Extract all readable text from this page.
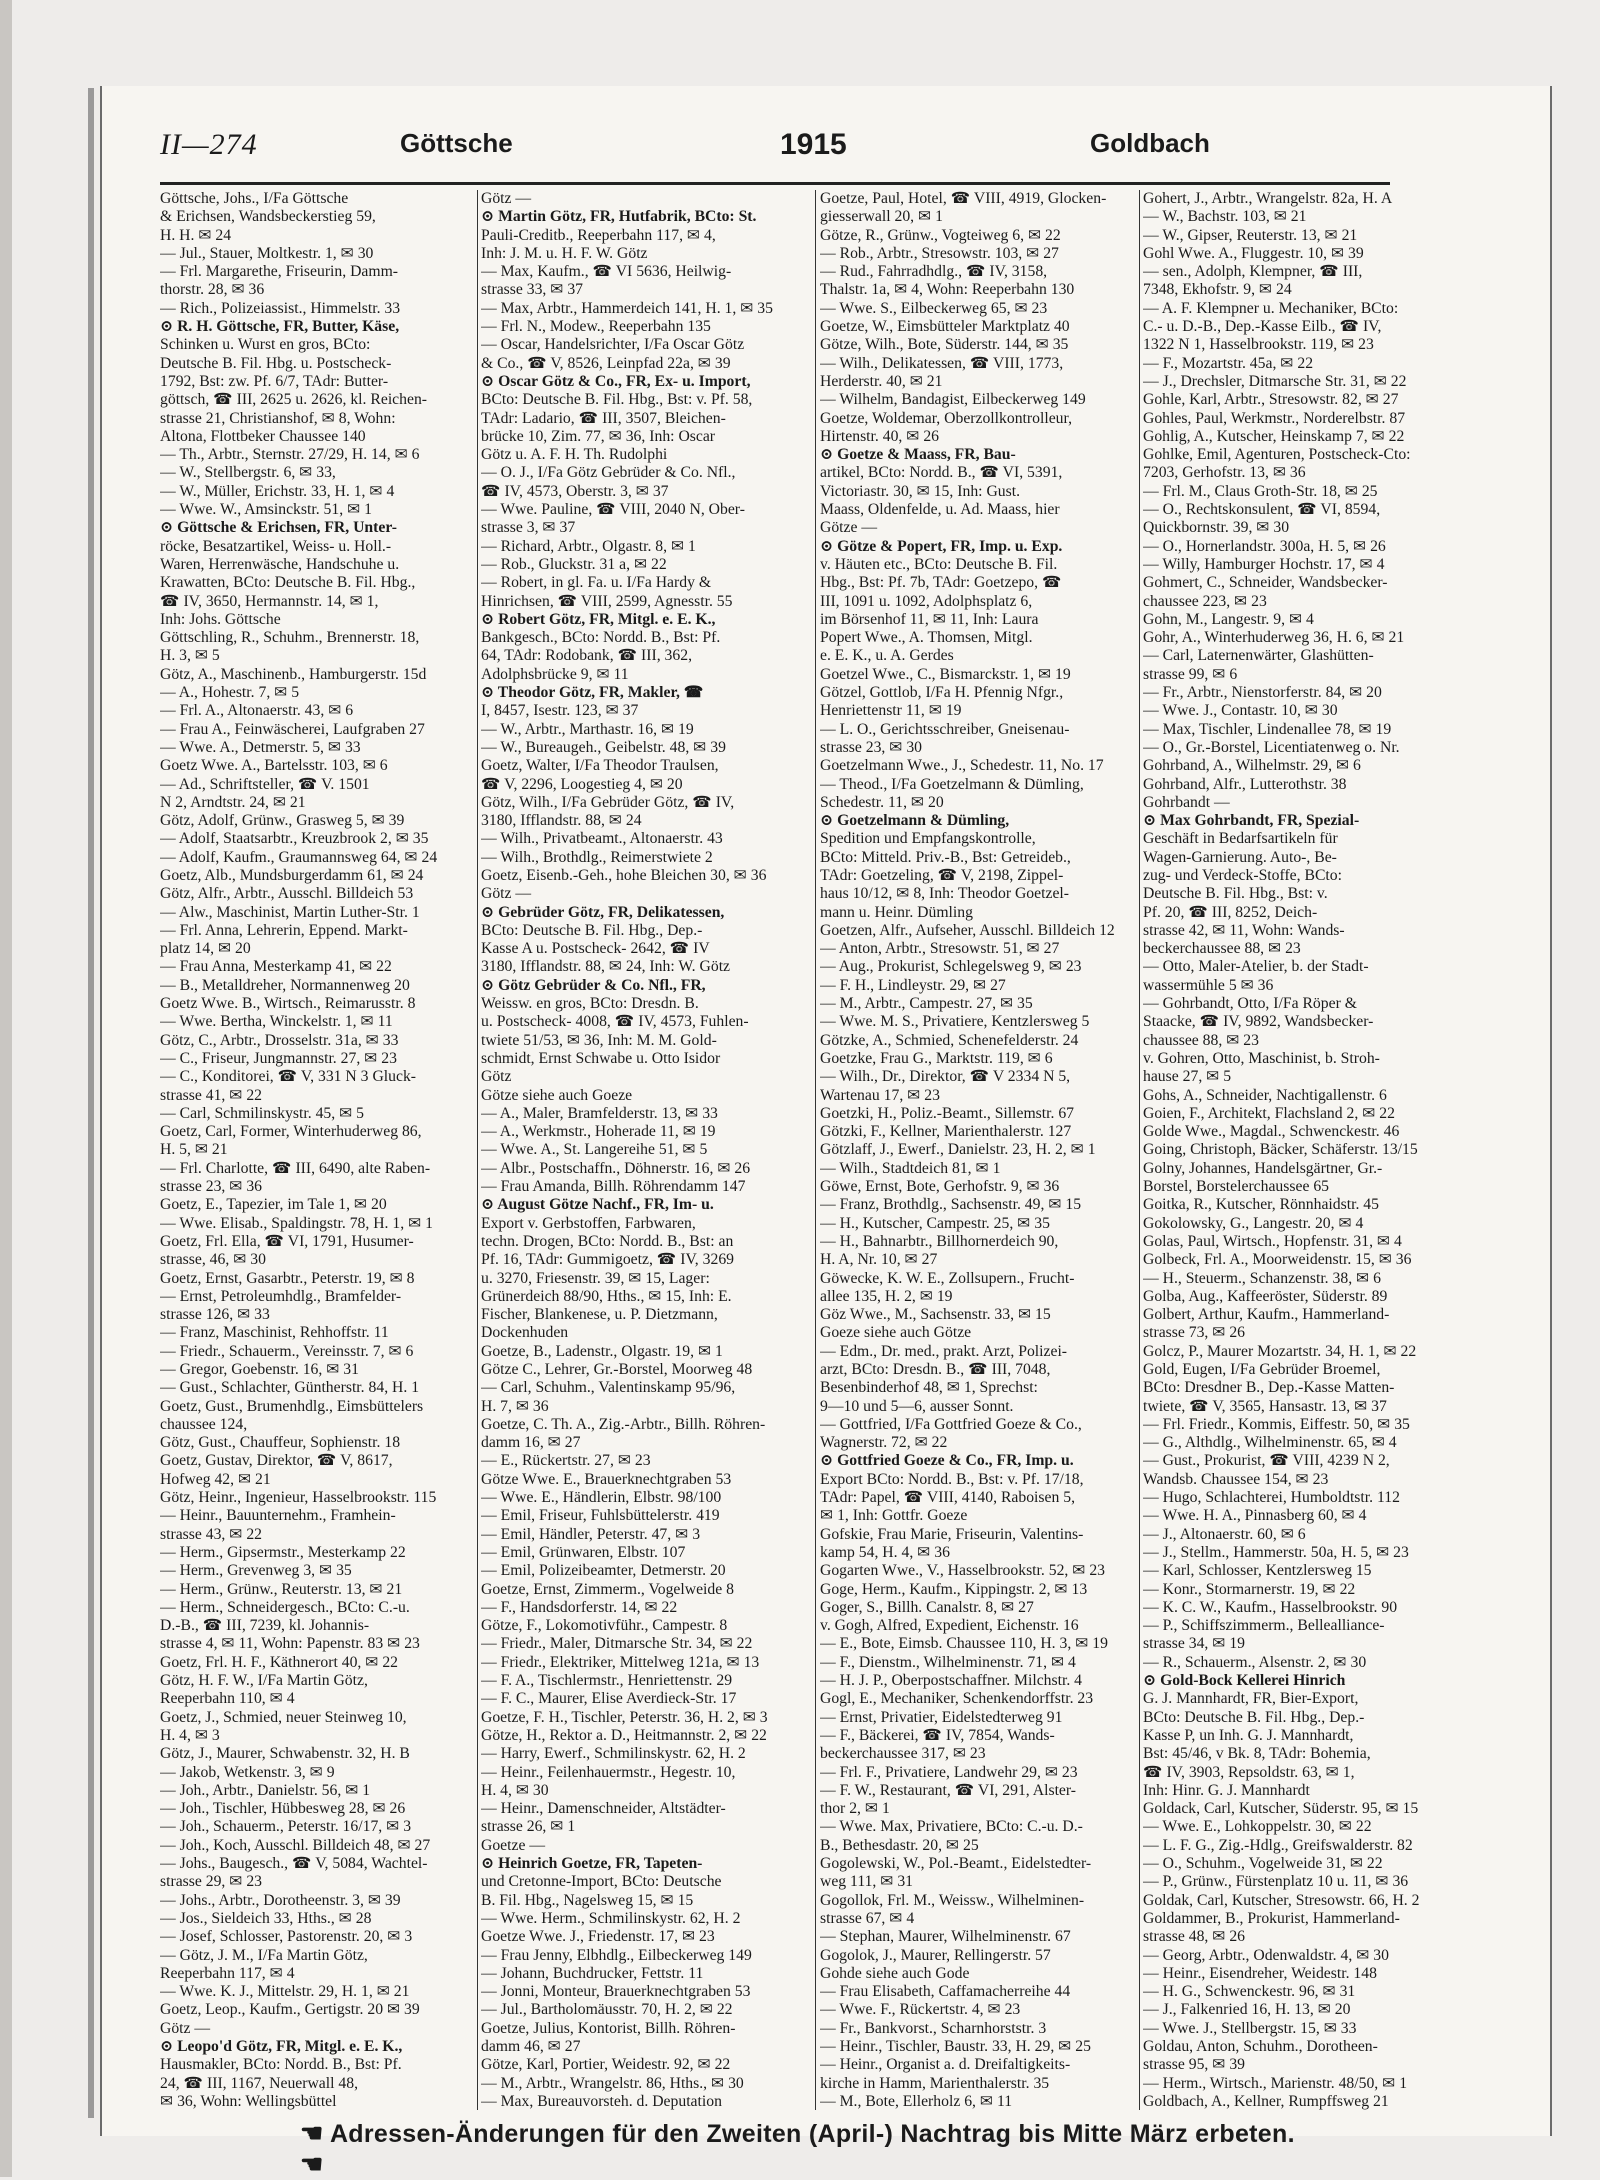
II—274	Göttsche	1915	Goldbach
Göttsche, Johs., I/Fa Göttsche
& Erichsen, Wandsbeckerstieg 59,
H. H. ✉ 24
— Jul., Stauer, Moltkestr. 1, ✉ 30
— Frl. Margarethe, Friseurin, Damm-
thorstr. 28, ✉ 36
— Rich., Polizeiassist., Himmelstr. 33
⊙ R. H. Göttsche, FR, Butter, Käse,
Schinken u. Wurst en gros, BCto:
Deutsche B. Fil. Hbg. u. Postscheck-
1792, Bst: zw. Pf. 6/7, TAdr: Butter-
göttsch, ☎ III, 2625 u. 2626, kl. Reichen-
strasse 21, Christianshof, ✉ 8, Wohn:
Altona, Flottbeker Chaussee 140
— Th., Arbtr., Sternstr. 27/29, H. 14, ✉ 6
— W., Stellbergstr. 6, ✉ 33,
— W., Müller, Erichstr. 33, H. 1, ✉ 4
— Wwe. W., Amsinckstr. 51, ✉ 1
⊙ Göttsche & Erichsen, FR, Unter-
röcke, Besatzartikel, Weiss- u. Holl.-
Waren, Herrenwäsche, Handschuhe u.
Krawatten, BCto: Deutsche B. Fil. Hbg.,
☎ IV, 3650, Hermannstr. 14, ✉ 1,
Inh: Johs. Göttsche
Göttschling, R., Schuhm., Brennerstr. 18,
H. 3, ✉ 5
Götz, A., Maschinenb., Hamburgerstr. 15d
— A., Hohestr. 7, ✉ 5
— Frl. A., Altonaerstr. 43, ✉ 6
— Frau A., Feinwäscherei, Laufgraben 27
— Wwe. A., Detmerstr. 5, ✉ 33
Goetz Wwe. A., Bartelsstr. 103, ✉ 6
— Ad., Schriftsteller, ☎ V. 1501
N 2, Arndtstr. 24, ✉ 21
Götz, Adolf, Grünw., Grasweg 5, ✉ 39
— Adolf, Staatsarbtr., Kreuzbrook 2, ✉ 35
— Adolf, Kaufm., Graumannsweg 64, ✉ 24
Goetz, Alb., Mundsburgerdamm 61, ✉ 24
Götz, Alfr., Arbtr., Ausschl. Billdeich 53
— Alw., Maschinist, Martin Luther-Str. 1
— Frl. Anna, Lehrerin, Eppend. Markt-
platz 14, ✉ 20
— Frau Anna, Mesterkamp 41, ✉ 22
— B., Metalldreher, Normannenweg 20
Goetz Wwe. B., Wirtsch., Reimarusstr. 8
— Wwe. Bertha, Winckelstr. 1, ✉ 11
Götz, C., Arbtr., Drosselstr. 31a, ✉ 33
— C., Friseur, Jungmannstr. 27, ✉ 23
— C., Konditorei, ☎ V, 331 N 3 Gluck-
strasse 41, ✉ 22
— Carl, Schmilinskystr. 45, ✉ 5
Goetz, Carl, Former, Winterhuderweg 86,
H. 5, ✉ 21
— Frl. Charlotte, ☎ III, 6490, alte Raben-
strasse 23, ✉ 36
Goetz, E., Tapezier, im Tale 1, ✉ 20
— Wwe. Elisab., Spaldingstr. 78, H. 1, ✉ 1
Goetz, Frl. Ella, ☎ VI, 1791, Husumer-
strasse, 46, ✉ 30
Goetz, Ernst, Gasarbtr., Peterstr. 19, ✉ 8
— Ernst, Petroleumhdlg., Bramfelder-
strasse 126, ✉ 33
— Franz, Maschinist, Rehhoffstr. 11
— Friedr., Schauerm., Vereinsstr. 7, ✉ 6
— Gregor, Goebenstr. 16, ✉ 31
— Gust., Schlachter, Güntherstr. 84, H. 1
Goetz, Gust., Brumenhdlg., Eimsbüttelers
chaussee 124,
Götz, Gust., Chauffeur, Sophienstr. 18
Goetz, Gustav, Direktor, ☎ V, 8617,
Hofweg 42, ✉ 21
Götz, Heinr., Ingenieur, Hasselbrookstr. 115
— Heinr., Bauunternehm., Framhein-
strasse 43, ✉ 22
— Herm., Gipsermstr., Mesterkamp 22
— Herm., Grevenweg 3, ✉ 35
— Herm., Grünw., Reuterstr. 13, ✉ 21
— Herm., Schneidergesch., BCto: C.-u.
D.-B., ☎ III, 7239, kl. Johannis-
strasse 4, ✉ 11, Wohn: Papenstr. 83 ✉ 23
Goetz, Frl. H. F., Käthnerort 40, ✉ 22
Götz, H. F. W., I/Fa Martin Götz,
Reeperbahn 110, ✉ 4
Goetz, J., Schmied, neuer Steinweg 10,
H. 4, ✉ 3
Götz, J., Maurer, Schwabenstr. 32, H. B
— Jakob, Wetkenstr. 3, ✉ 9
— Joh., Arbtr., Danielstr. 56, ✉ 1
— Joh., Tischler, Hübbesweg 28, ✉ 26
— Joh., Schauerm., Peterstr. 16/17, ✉ 3
— Joh., Koch, Ausschl. Billdeich 48, ✉ 27
— Johs., Baugesch., ☎ V, 5084, Wachtel-
strasse 29, ✉ 23
— Johs., Arbtr., Dorotheenstr. 3, ✉ 39
— Jos., Sieldeich 33, Hths., ✉ 28
— Josef, Schlosser, Pastorenstr. 20, ✉ 3
— Götz, J. M., I/Fa Martin Götz,
Reeperbahn 117, ✉ 4
— Wwe. K. J., Mittelstr. 29, H. 1, ✉ 21
Goetz, Leop., Kaufm., Gertigstr. 20 ✉ 39
Götz —
⊙ Leopo'd Götz, FR, Mitgl. e. E. K.,
Hausmakler, BCto: Nordd. B., Bst: Pf.
24, ☎ III, 1167, Neuerwall 48,
✉ 36, Wohn: Wellingsbüttel
Götz —
⊙ Martin Götz, FR, Hutfabrik, BCto: St.
Pauli-Creditb., Reeperbahn 117, ✉ 4,
Inh: J. M. u. H. F. W. Götz
— Max, Kaufm., ☎ VI 5636, Heilwig-
strasse 33, ✉ 37
— Max, Arbtr., Hammerdeich 141, H. 1, ✉ 35
— Frl. N., Modew., Reeperbahn 135
— Oscar, Handelsrichter, I/Fa Oscar Götz
& Co., ☎ V, 8526, Leinpfad 22a, ✉ 39
⊙ Oscar Götz & Co., FR, Ex- u. Import,
BCto: Deutsche B. Fil. Hbg., Bst: v. Pf. 58,
TAdr: Ladario, ☎ III, 3507, Bleichen-
brücke 10, Zim. 77, ✉ 36, Inh: Oscar
Götz u. A. F. H. Th. Rudolphi
— O. J., I/Fa Götz Gebrüder & Co. Nfl.,
☎ IV, 4573, Oberstr. 3, ✉ 37
— Wwe. Pauline, ☎ VIII, 2040 N, Ober-
strasse 3, ✉ 37
— Richard, Arbtr., Olgastr. 8, ✉ 1
— Rob., Gluckstr. 31 a, ✉ 22
— Robert, in gl. Fa. u. I/Fa Hardy &
Hinrichsen, ☎ VIII, 2599, Agnesstr. 55
⊙ Robert Götz, FR, Mitgl. e. E. K.,
Bankgesch., BCto: Nordd. B., Bst: Pf.
64, TAdr: Rodobank, ☎ III, 362,
Adolphsbrücke 9, ✉ 11
⊙ Theodor Götz, FR, Makler, ☎
I, 8457, Isestr. 123, ✉ 37
— W., Arbtr., Marthastr. 16, ✉ 19
— W., Bureaugeh., Geibelstr. 48, ✉ 39
Goetz, Walter, I/Fa Theodor Traulsen,
☎ V, 2296, Loogestieg 4, ✉ 20
Götz, Wilh., I/Fa Gebrüder Götz, ☎ IV,
3180, Ifflandstr. 88, ✉ 24
— Wilh., Privatbeamt., Altonaerstr. 43
— Wilh., Brothdlg., Reimerstwiete 2
Goetz, Eisenb.-Geh., hohe Bleichen 30, ✉ 36
Götz —
⊙ Gebrüder Götz, FR, Delikatessen,
BCto: Deutsche B. Fil. Hbg., Dep.-
Kasse A u. Postscheck- 2642, ☎ IV
3180, Ifflandstr. 88, ✉ 24, Inh: W. Götz
⊙ Götz Gebrüder & Co. Nfl., FR,
Weissw. en gros, BCto: Dresdn. B.
u. Postscheck- 4008, ☎ IV, 4573, Fuhlen-
twiete 51/53, ✉ 36, Inh: M. M. Gold-
schmidt, Ernst Schwabe u. Otto Isidor
Götz
Götze siehe auch Goeze
— A., Maler, Bramfelderstr. 13, ✉ 33
— A., Werkmstr., Hoherade 11, ✉ 19
— Wwe. A., St. Langereihe 51, ✉ 5
— Albr., Postschaffn., Döhnerstr. 16, ✉ 26
— Frau Amanda, Billh. Röhrendamm 147
⊙ August Götze Nachf., FR, Im- u.
Export v. Gerbstoffen, Farbwaren,
techn. Drogen, BCto: Nordd. B., Bst: an
Pf. 16, TAdr: Gummigoetz, ☎ IV, 3269
u. 3270, Friesenstr. 39, ✉ 15, Lager:
Grünerdeich 88/90, Hths., ✉ 15, Inh: E.
Fischer, Blankenese, u. P. Dietzmann,
Dockenhuden
Goetze, B., Ladenstr., Olgastr. 19, ✉ 1
Götze C., Lehrer, Gr.-Borstel, Moorweg 48
— Carl, Schuhm., Valentinskamp 95/96,
H. 7, ✉ 36
Goetze, C. Th. A., Zig.-Arbtr., Billh. Röhren-
damm 16, ✉ 27
— E., Rückertstr. 27, ✉ 23
Götze Wwe. E., Brauerknechtgraben 53
— Wwe. E., Händlerin, Elbstr. 98/100
— Emil, Friseur, Fuhlsbüttelerstr. 419
— Emil, Händler, Peterstr. 47, ✉ 3
— Emil, Grünwaren, Elbstr. 107
— Emil, Polizeibeamter, Detmerstr. 20
Goetze, Ernst, Zimmerm., Vogelweide 8
— F., Handsdorferstr. 14, ✉ 22
Götze, F., Lokomotivführ., Campestr. 8
— Friedr., Maler, Ditmarsche Str. 34, ✉ 22
— Friedr., Elektriker, Mittelweg 121a, ✉ 13
— F. A., Tischlermstr., Henriettenstr. 29
— F. C., Maurer, Elise Averdieck-Str. 17
Goetze, F. H., Tischler, Peterstr. 36, H. 2, ✉ 3
Götze, H., Rektor a. D., Heitmannstr. 2, ✉ 22
— Harry, Ewerf., Schmilinskystr. 62, H. 2
— Heinr., Feilenhauermstr., Hegestr. 10,
H. 4, ✉ 30
— Heinr., Damenschneider, Altstädter-
strasse 26, ✉ 1
Goetze —
⊙ Heinrich Goetze, FR, Tapeten-
und Cretonne-Import, BCto: Deutsche
B. Fil. Hbg., Nagelsweg 15, ✉ 15
— Wwe. Herm., Schmilinskystr. 62, H. 2
Goetze Wwe. J., Friedenstr. 17, ✉ 23
— Frau Jenny, Elbhdlg., Eilbeckerweg 149
— Johann, Buchdrucker, Fettstr. 11
— Jonni, Monteur, Brauerknechtgraben 53
— Jul., Bartholomäusstr. 70, H. 2, ✉ 22
Goetze, Julius, Kontorist, Billh. Röhren-
damm 46, ✉ 27
Götze, Karl, Portier, Weidestr. 92, ✉ 22
— M., Arbtr., Wrangelstr. 86, Hths., ✉ 30
— Max, Bureauvorsteh. d. Deputation
Goetze, Paul, Hotel, ☎ VIII, 4919, Glocken-
giesserwall 20, ✉ 1
Götze, R., Grünw., Vogteiweg 6, ✉ 22
— Rob., Arbtr., Stresowstr. 103, ✉ 27
— Rud., Fahrradhdlg., ☎ IV, 3158,
Thalstr. 1a, ✉ 4, Wohn: Reeperbahn 130
— Wwe. S., Eilbeckerweg 65, ✉ 23
Goetze, W., Eimsbütteler Marktplatz 40
Götze, Wilh., Bote, Süderstr. 144, ✉ 35
— Wilh., Delikatessen, ☎ VIII, 1773,
Herderstr. 40, ✉ 21
— Wilhelm, Bandagist, Eilbeckerweg 149
Goetze, Woldemar, Oberzollkontrolleur,
Hirtenstr. 40, ✉ 26
⊙ Goetze & Maass, FR, Bau-
artikel, BCto: Nordd. B., ☎ VI, 5391,
Victoriastr. 30, ✉ 15, Inh: Gust.
Maass, Oldenfelde, u. Ad. Maass, hier
Götze —
⊙ Götze & Popert, FR, Imp. u. Exp.
v. Häuten etc., BCto: Deutsche B. Fil.
Hbg., Bst: Pf. 7b, TAdr: Goetzepo, ☎
III, 1091 u. 1092, Adolphsplatz 6,
im Börsenhof 11, ✉ 11, Inh: Laura
Popert Wwe., A. Thomsen, Mitgl.
e. E. K., u. A. Gerdes
Goetzel Wwe., C., Bismarckstr. 1, ✉ 19
Götzel, Gottlob, I/Fa H. Pfennig Nfgr.,
Henriettenstr 11, ✉ 19
— L. O., Gerichtsschreiber, Gneisenau-
strasse 23, ✉ 30
Goetzelmann Wwe., J., Schedestr. 11, No. 17
— Theod., I/Fa Goetzelmann & Dümling,
Schedestr. 11, ✉ 20
⊙ Goetzelmann & Dümling,
Spedition und Empfangskontrolle,
BCto: Mitteld. Priv.-B., Bst: Getreideb.,
TAdr: Goetzeling, ☎ V, 2198, Zippel-
haus 10/12, ✉ 8, Inh: Theodor Goetzel-
mann u. Heinr. Dümling
Goetzen, Alfr., Aufseher, Ausschl. Billdeich 12
— Anton, Arbtr., Stresowstr. 51, ✉ 27
— Aug., Prokurist, Schlegelsweg 9, ✉ 23
— F. H., Lindleystr. 29, ✉ 27
— M., Arbtr., Campestr. 27, ✉ 35
— Wwe. M. S., Privatiere, Kentzlersweg 5
Götzke, A., Schmied, Schenefelderstr. 24
Goetzke, Frau G., Marktstr. 119, ✉ 6
— Wilh., Dr., Direktor, ☎ V 2334 N 5,
Wartenau 17, ✉ 23
Goetzki, H., Poliz.-Beamt., Sillemstr. 67
Götzki, F., Kellner, Marienthalerstr. 127
Götzlaff, J., Ewerf., Danielstr. 23, H. 2, ✉ 1
— Wilh., Stadtdeich 81, ✉ 1
Göwe, Ernst, Bote, Gerhofstr. 9, ✉ 36
— Franz, Brothdlg., Sachsenstr. 49, ✉ 15
— H., Kutscher, Campestr. 25, ✉ 35
— H., Bahnarbtr., Billhornerdeich 90,
H. A, Nr. 10, ✉ 27
Göwecke, K. W. E., Zollsupern., Frucht-
allee 135, H. 2, ✉ 19
Göz Wwe., M., Sachsenstr. 33, ✉ 15
Goeze siehe auch Götze
— Edm., Dr. med., prakt. Arzt, Polizei-
arzt, BCto: Dresdn. B., ☎ III, 7048,
Besenbinderhof 48, ✉ 1, Sprechst:
9—10 und 5—6, ausser Sonnt.
— Gottfried, I/Fa Gottfried Goeze & Co.,
Wagnerstr. 72, ✉ 22
⊙ Gottfried Goeze & Co., FR, Imp. u.
Export BCto: Nordd. B., Bst: v. Pf. 17/18,
TAdr: Papel, ☎ VIII, 4140, Raboisen 5,
✉ 1, Inh: Gottfr. Goeze
Gofskie, Frau Marie, Friseurin, Valentins-
kamp 54, H. 4, ✉ 36
Gogarten Wwe., V., Hasselbrookstr. 52, ✉ 23
Goge, Herm., Kaufm., Kippingstr. 2, ✉ 13
Goger, S., Billh. Canalstr. 8, ✉ 27
v. Gogh, Alfred, Expedient, Eichenstr. 16
— E., Bote, Eimsb. Chaussee 110, H. 3, ✉ 19
— F., Dienstm., Wilhelminenstr. 71, ✉ 4
— H. J. P., Oberpostschaffner. Milchstr. 4
Gogl, E., Mechaniker, Schenkendorffstr. 23
— Ernst, Privatier, Eidelstedterweg 91
— F., Bäckerei, ☎ IV, 7854, Wands-
beckerchaussee 317, ✉ 23
— Frl. F., Privatiere, Landwehr 29, ✉ 23
— F. W., Restaurant, ☎ VI, 291, Alster-
thor 2, ✉ 1
— Wwe. Max, Privatiere, BCto: C.-u. D.-
B., Bethesdastr. 20, ✉ 25
Gogolewski, W., Pol.-Beamt., Eidelstedter-
weg 111, ✉ 31
Gogollok, Frl. M., Weissw., Wilhelminen-
strasse 67, ✉ 4
— Stephan, Maurer, Wilhelminenstr. 67
Gogolok, J., Maurer, Rellingerstr. 57
Gohde siehe auch Gode
— Frau Elisabeth, Caffamacherreihe 44
— Wwe. F., Rückertstr. 4, ✉ 23
— Fr., Bankvorst., Scharnhorststr. 3
— Heinr., Tischler, Baustr. 33, H. 29, ✉ 25
— Heinr., Organist a. d. Dreifaltigkeits-
kirche in Hamm, Marienthalerstr. 35
— M., Bote, Ellerholz 6, ✉ 11
Gohert, J., Arbtr., Wrangelstr. 82a, H. A
— W., Bachstr. 103, ✉ 21
— W., Gipser, Reuterstr. 13, ✉ 21
Gohl Wwe. A., Fluggestr. 10, ✉ 39
— sen., Adolph, Klempner, ☎ III,
7348, Ekhofstr. 9, ✉ 24
— A. F. Klempner u. Mechaniker, BCto:
C.- u. D.-B., Dep.-Kasse Eilb., ☎ IV,
1322 N 1, Hasselbrookstr. 119, ✉ 23
— F., Mozartstr. 45a, ✉ 22
— J., Drechsler, Ditmarsche Str. 31, ✉ 22
Gohle, Karl, Arbtr., Stresowstr. 82, ✉ 27
Gohles, Paul, Werkmstr., Norderelbstr. 87
Gohlig, A., Kutscher, Heinskamp 7, ✉ 22
Gohlke, Emil, Agenturen, Postscheck-Cto:
7203, Gerhofstr. 13, ✉ 36
— Frl. M., Claus Groth-Str. 18, ✉ 25
— O., Rechtskonsulent, ☎ VI, 8594,
Quickbornstr. 39, ✉ 30
— O., Hornerlandstr. 300a, H. 5, ✉ 26
— Willy, Hamburger Hochstr. 17, ✉ 4
Gohmert, C., Schneider, Wandsbecker-
chaussee 223, ✉ 23
Gohn, M., Langestr. 9, ✉ 4
Gohr, A., Winterhuderweg 36, H. 6, ✉ 21
— Carl, Laternenwärter, Glashütten-
strasse 99, ✉ 6
— Fr., Arbtr., Nienstorferstr. 84, ✉ 20
— Wwe. J., Contastr. 10, ✉ 30
— Max, Tischler, Lindenallee 78, ✉ 19
— O., Gr.-Borstel, Licentiatenweg o. Nr.
Gohrband, A., Wilhelmstr. 29, ✉ 6
Gohrband, Alfr., Lutterothstr. 38
Gohrbandt —
⊙ Max Gohrbandt, FR, Spezial-
Geschäft in Bedarfsartikeln für
Wagen-Garnierung. Auto-, Be-
zug- und Verdeck-Stoffe, BCto:
Deutsche B. Fil. Hbg., Bst: v.
Pf. 20, ☎ III, 8252, Deich-
strasse 42, ✉ 11, Wohn: Wands-
beckerchaussee 88, ✉ 23
— Otto, Maler-Atelier, b. der Stadt-
wassermühle 5 ✉ 36
— Gohrbandt, Otto, I/Fa Röper &
Staacke, ☎ IV, 9892, Wandsbecker-
chaussee 88, ✉ 23
v. Gohren, Otto, Maschinist, b. Stroh-
hause 27, ✉ 5
Gohs, A., Schneider, Nachtigallenstr. 6
Goien, F., Architekt, Flachsland 2, ✉ 22
Golde Wwe., Magdal., Schwenckestr. 46
Going, Christoph, Bäcker, Schäferstr. 13/15
Golny, Johannes, Handelsgärtner, Gr.-
Borstel, Borstelerchaussee 65
Goitka, R., Kutscher, Rönnhaidstr. 45
Gokolowsky, G., Langestr. 20, ✉ 4
Golas, Paul, Wirtsch., Hopfenstr. 31, ✉ 4
Golbeck, Frl. A., Moorweidenstr. 15, ✉ 36
— H., Steuerm., Schanzenstr. 38, ✉ 6
Golba, Aug., Kaffeeröster, Süderstr. 89
Golbert, Arthur, Kaufm., Hammerland-
strasse 73, ✉ 26
Golcz, P., Maurer Mozartstr. 34, H. 1, ✉ 22
Gold, Eugen, I/Fa Gebrüder Broemel,
BCto: Dresdner B., Dep.-Kasse Matten-
twiete, ☎ V, 3565, Hansastr. 13, ✉ 37
— Frl. Friedr., Kommis, Eiffestr. 50, ✉ 35
— G., Althdlg., Wilhelminenstr. 65, ✉ 4
— Gust., Prokurist, ☎ VIII, 4239 N 2,
Wandsb. Chaussee 154, ✉ 23
— Hugo, Schlachterei, Humboldtstr. 112
— Wwe. H. A., Pinnasberg 60, ✉ 4
— J., Altonaerstr. 60, ✉ 6
— J., Stellm., Hammerstr. 50a, H. 5, ✉ 23
— Karl, Schlosser, Kentzlersweg 15
— Konr., Stormarnerstr. 19, ✉ 22
— K. C. W., Kaufm., Hasselbrookstr. 90
— P., Schiffszimmerm., Bellealliance-
strasse 34, ✉ 19
— R., Schauerm., Alsenstr. 2, ✉ 30
⊙ Gold-Bock Kellerei Hinrich
G. J. Mannhardt, FR, Bier-Export,
BCto: Deutsche B. Fil. Hbg., Dep.-
Kasse P, un Inh. G. J. Mannhardt,
Bst: 45/46, v Bk. 8, TAdr: Bohemia,
☎ IV, 3903, Repsoldstr. 63, ✉ 1,
Inh: Hinr. G. J. Mannhardt
Goldack, Carl, Kutscher, Süderstr. 95, ✉ 15
— Wwe. E., Lohkoppelstr. 30, ✉ 22
— L. F. G., Zig.-Hdlg., Greifswalderstr. 82
— O., Schuhm., Vogelweide 31, ✉ 22
— P., Grünw., Fürstenplatz 10 u. 11, ✉ 36
Goldak, Carl, Kutscher, Stresowstr. 66, H. 2
Goldammer, B., Prokurist, Hammerland-
strasse 48, ✉ 26
— Georg, Arbtr., Odenwaldstr. 4, ✉ 30
— Heinr., Eisendreher, Weidestr. 148
— H. G., Schwenckestr. 96, ✉ 31
— J., Falkenried 16, H. 13, ✉ 20
— Wwe. J., Stellbergstr. 15, ✉ 33
Goldau, Anton, Schuhm., Dorotheen-
strasse 95, ✉ 39
— Herm., Wirtsch., Marienstr. 48/50, ✉ 1
Goldbach, A., Kellner, Rumpffsweg 21
☚ Adressen-Änderungen für den Zweiten (April-) Nachtrag bis Mitte März erbeten. ☚
